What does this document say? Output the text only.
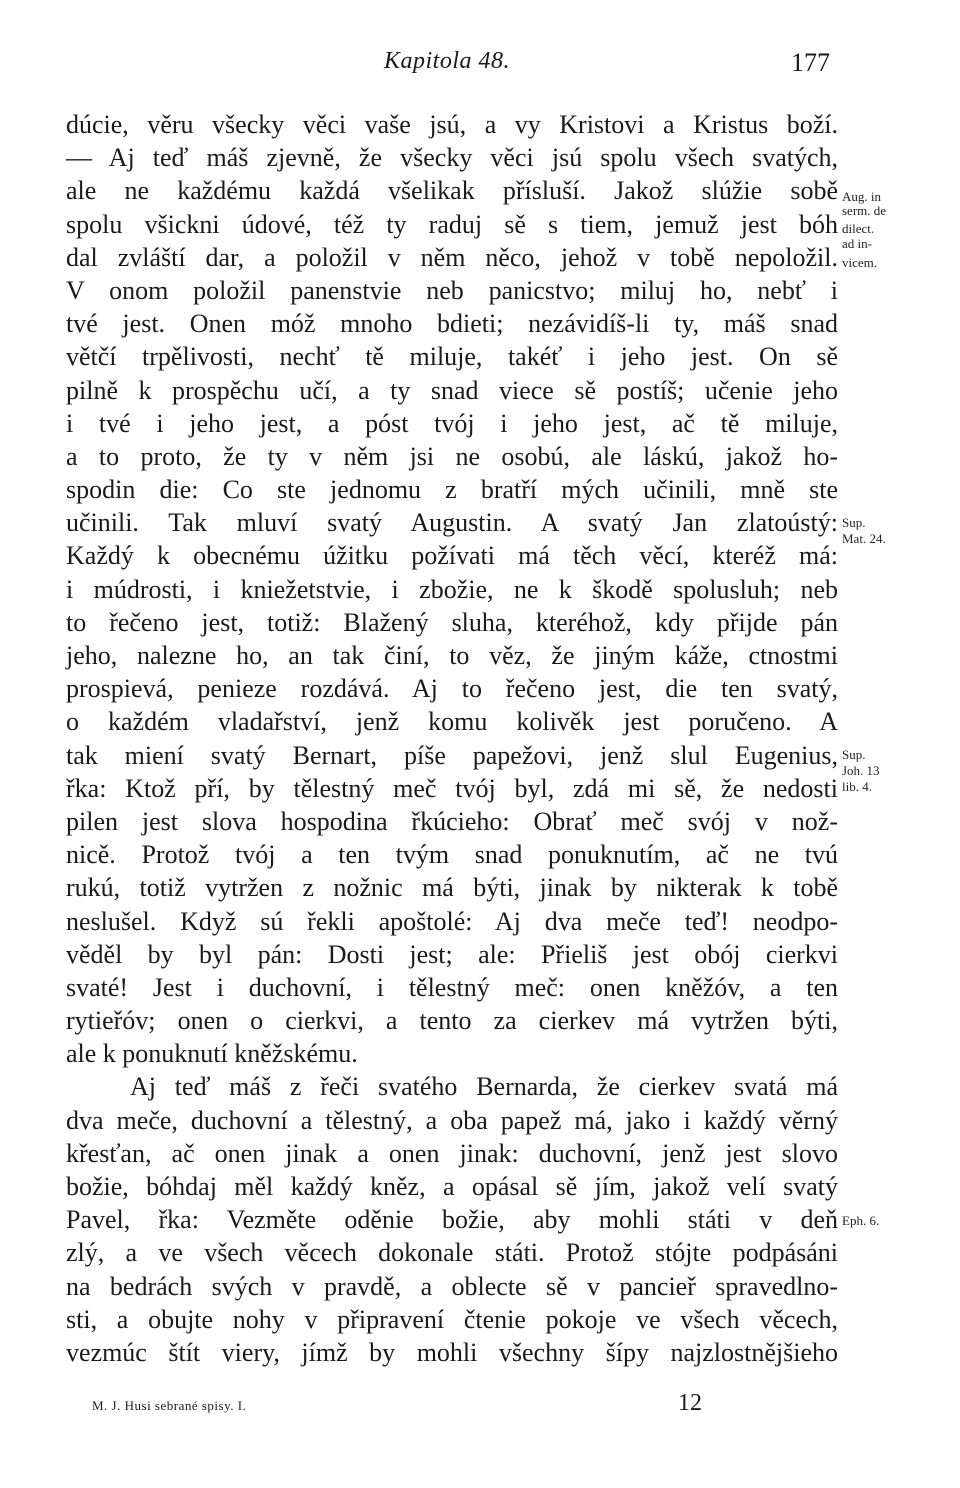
Kapitola 48.	177
dúcie, věru všecky věci vaše jsú, a vy Kristovi a Kristus boží.
— Aj teď máš zjevně, že všecky věci jsú spolu všech svatých,
ale ne každému každá všelikak přísluší. Jakož slúžie sobě
spolu všickni údové, též ty raduj sě s tiem, jemuž jest bóh
dal zvláští dar, a položil v něm něco, jehož v tobě nepoložil.
V onom položil panenstvie neb panicstvo; miluj ho, nebť i
tvé jest. Onen móž mnoho bdieti; nezávidíš-li ty, máš snad
větčí trpělivosti, nechť tě miluje, takéť i jeho jest. On sě
pilně k prospěchu učí, a ty snad viece sě postíš; učenie jeho
i tvé i jeho jest, a póst tvój i jeho jest, ač tě miluje,
a to proto, že ty v něm jsi ne osobú, ale láskú, jakož ho-
spodin die: Co ste jednomu z bratří mých učinili, mně ste
učinili. Tak mluví svatý Augustin. A svatý Jan zlatoústý:
Každý k obecnému úžitku požívati má těch věcí, kteréž má:
i múdrosti, i kniežetstvie, i zbožie, ne k škodě spolusluh; neb
to řečeno jest, totiž: Blažený sluha, kteréhož, kdy přijde pán
jeho, nalezne ho, an tak činí, to věz, že jiným káže, ctnostmi
prospievá, penieze rozdává. Aj to řečeno jest, die ten svatý,
o každém vladařství, jenž komu kolivěk jest poručeno. A
tak miení svatý Bernart, píše papežovi, jenž slul Eugenius,
řka: Ktož pří, by tělestný meč tvój byl, zdá mi sě, že nedosti
pilen jest slova hospodina řkúcieho: Obrať meč svój v nož-
nicě. Protož tvój a ten tvým snad ponuknutím, ač ne tvú
rukú, totiž vytržen z nožnic má býti, jinak by nikterak k tobě
neslušel. Když sú řekli apoštolé: Aj dva meče teď! neodpo-
věděl by byl pán: Dosti jest; ale: Přieliš jest obój cierkvi
svaté! Jest i duchovní, i tělestný meč: onen kněžóv, a ten
rytieřóv; onen o cierkvi, a tento za cierkev má vytržen býti,
ale k ponuknutí kněžskému.
Aj teď máš z řeči svatého Bernarda, že cierkev svatá má
dva meče, duchovní a tělestný, a oba papež má, jako i každý věrný
křesťan, ač onen jinak a onen jinak: duchovní, jenž jest slovo
božie, bóhdaj měl každý kněz, a opásal sě jím, jakož velí svatý
Pavel, řka: Vezměte oděnie božie, aby mohli státi v deň
zlý, a ve všech věcech dokonale státi. Protož stójte podpásáni
na bedrách svých v pravdě, a oblecte sě v pancieř spravedlno-
sti, a obujte nohy v připravení čtenie pokoje ve všech věcech,
vezmúc štít viery, jímž by mohli všechny šípy najzlostnějšieho
Aug. in
serm. de
dilect.
ad in-
vicem.
Sup.
Mat. 24.
Sup.
Joh. 13
lib. 4.
Eph. 6.
M. J. Husi sebrané spisy. I.	12
